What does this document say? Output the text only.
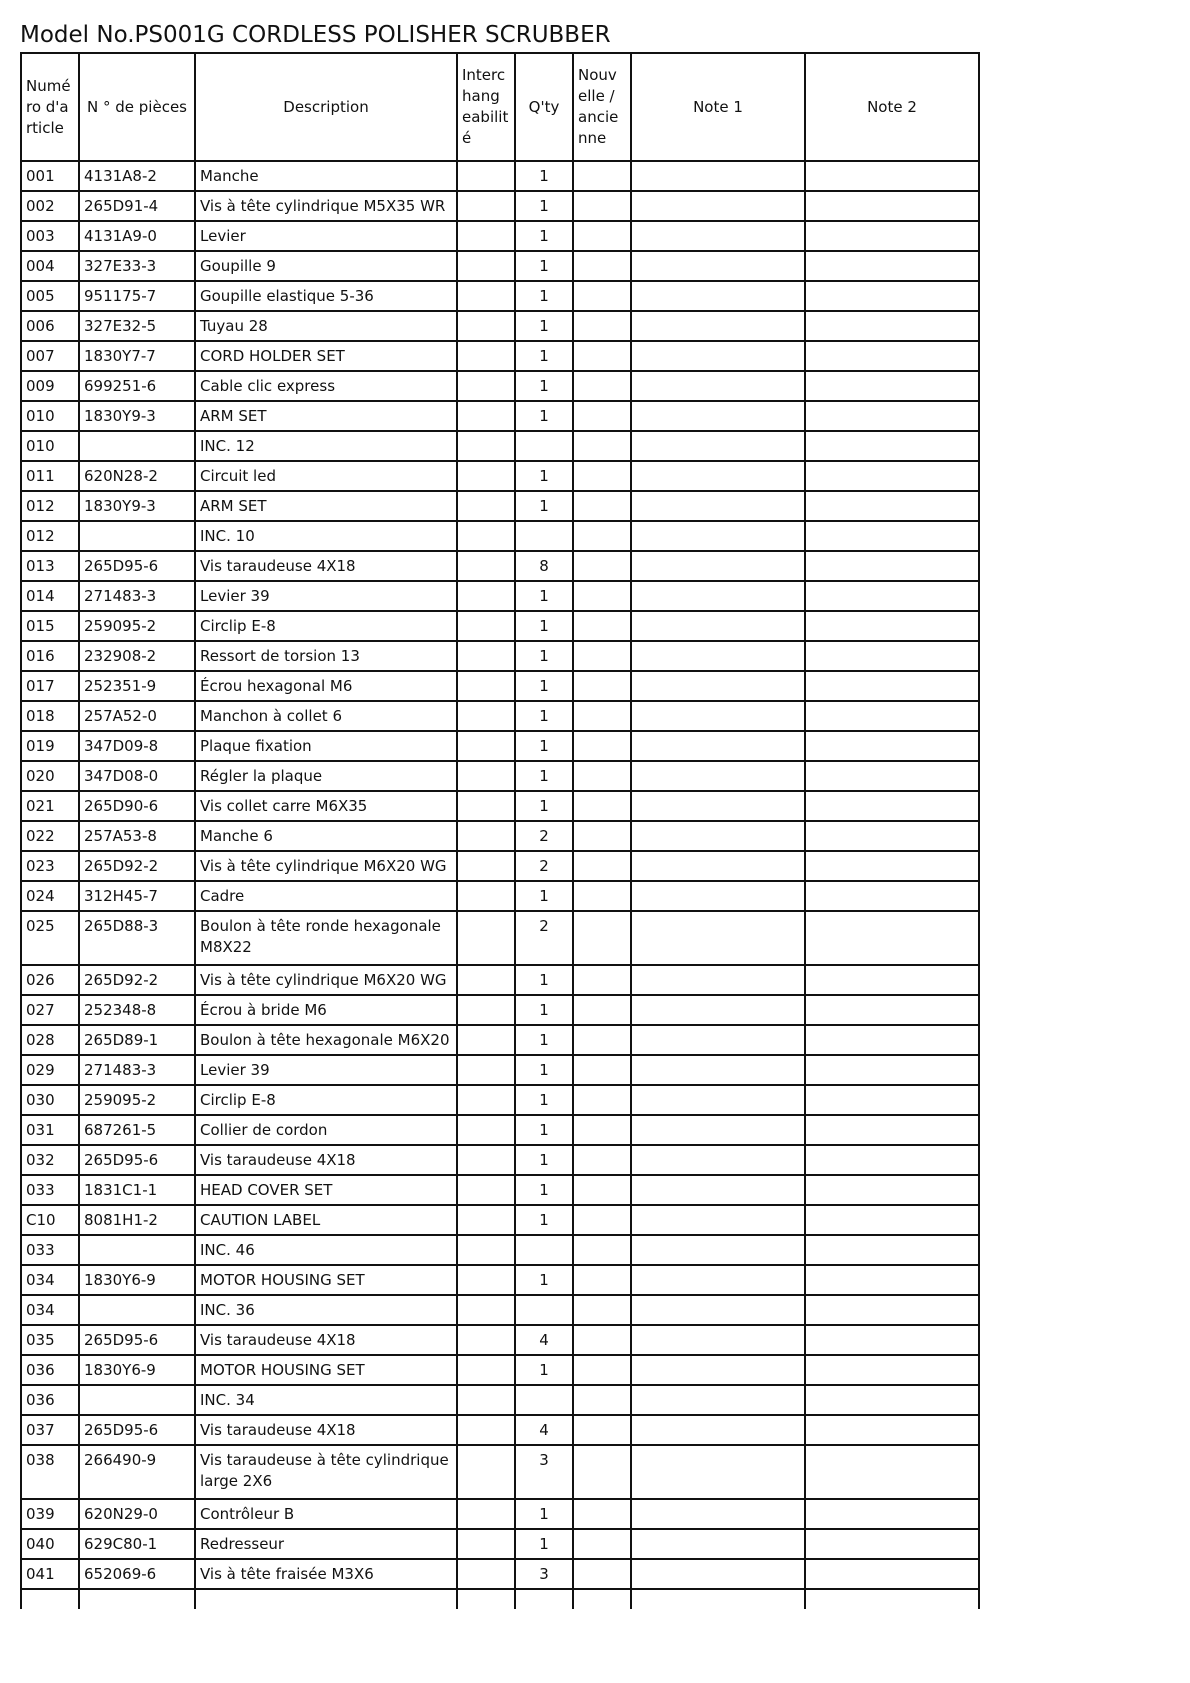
Model No.PS001G CORDLESS POLISHER SCRUBBER
Numé ro d'a rticle	N ° de pièces	Description	Interc hang eabilit é	Q'ty	Nouv elle / ancie nne	Note 1	Note 2
001	4131A8-2	Manche		1			
002	265D91-4	Vis à tête cylindrique M5X35 WR		1			
003	4131A9-0	Levier		1			
004	327E33-3	Goupille 9		1			
005	951175-7	Goupille elastique 5-36		1			
006	327E32-5	Tuyau 28		1			
007	1830Y7-7	CORD HOLDER SET		1			
009	699251-6	Cable clic express		1			
010	1830Y9-3	ARM SET		1			
010		INC. 12					
011	620N28-2	Circuit led		1			
012	1830Y9-3	ARM SET		1			
012		INC. 10					
013	265D95-6	Vis taraudeuse 4X18		8			
014	271483-3	Levier 39		1			
015	259095-2	Circlip E-8		1			
016	232908-2	Ressort de torsion 13		1			
017	252351-9	Écrou hexagonal M6		1			
018	257A52-0	Manchon à collet 6		1			
019	347D09-8	Plaque fixation		1			
020	347D08-0	Régler la plaque		1			
021	265D90-6	Vis collet carre M6X35		1			
022	257A53-8	Manche 6		2			
023	265D92-2	Vis à tête cylindrique M6X20 WG		2			
024	312H45-7	Cadre		1			
025	265D88-3	Boulon à tête ronde hexagonale M8X22		2			
026	265D92-2	Vis à tête cylindrique M6X20 WG		1			
027	252348-8	Écrou à bride M6		1			
028	265D89-1	Boulon à tête hexagonale M6X20		1			
029	271483-3	Levier 39		1			
030	259095-2	Circlip E-8		1			
031	687261-5	Collier de cordon		1			
032	265D95-6	Vis taraudeuse 4X18		1			
033	1831C1-1	HEAD COVER SET		1			
C10	8081H1-2	CAUTION LABEL		1			
033		INC. 46					
034	1830Y6-9	MOTOR HOUSING SET		1			
034		INC. 36					
035	265D95-6	Vis taraudeuse 4X18		4			
036	1830Y6-9	MOTOR HOUSING SET		1			
036		INC. 34					
037	265D95-6	Vis taraudeuse 4X18		4			
038	266490-9	Vis taraudeuse à tête cylindrique large 2X6		3			
039	620N29-0	Contrôleur B		1			
040	629C80-1	Redresseur		1			
041	652069-6	Vis à tête fraisée M3X6		3			
